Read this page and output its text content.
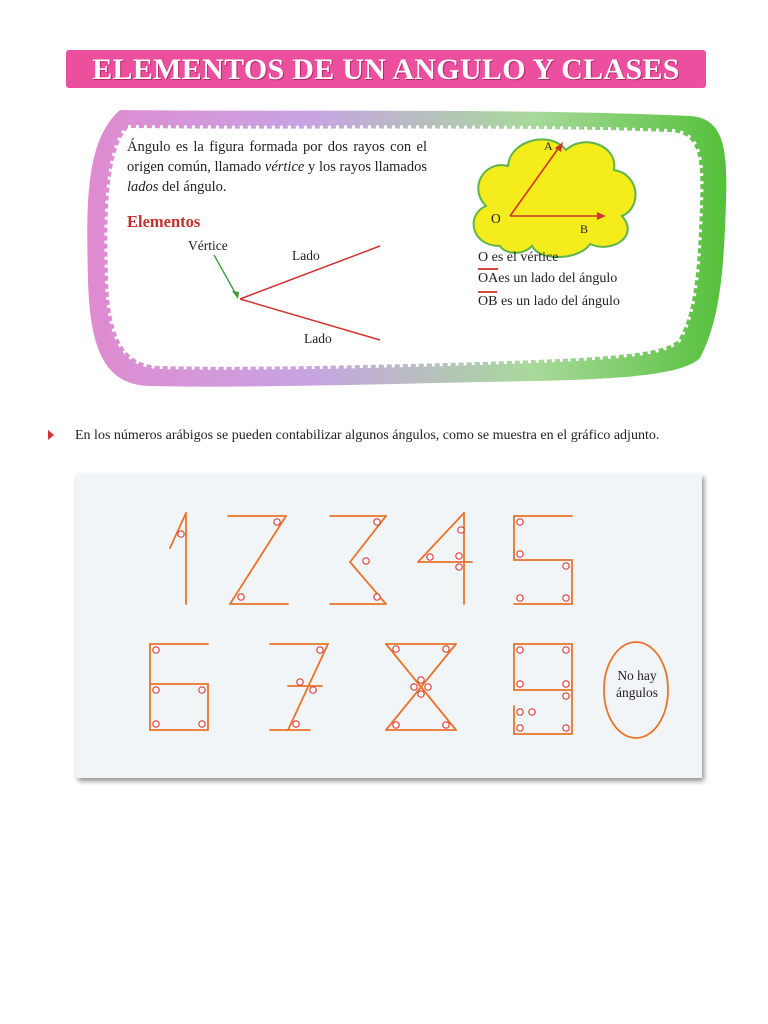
ELEMENTOS DE UN ANGULO Y CLASES
Ángulo es la figura formada por dos rayos con el origen común, llamado vértice y los rayos llamados lados del ángulo.
Elementos
Vértice
Lado
Lado
A
O
B
O es el vértice
OAes un lado del ángulo
OB es un lado del ángulo
En los números arábigos se pueden contabilizar algunos ángulos, como se muestra en el gráfico adjunto.
No hay
ángulos
